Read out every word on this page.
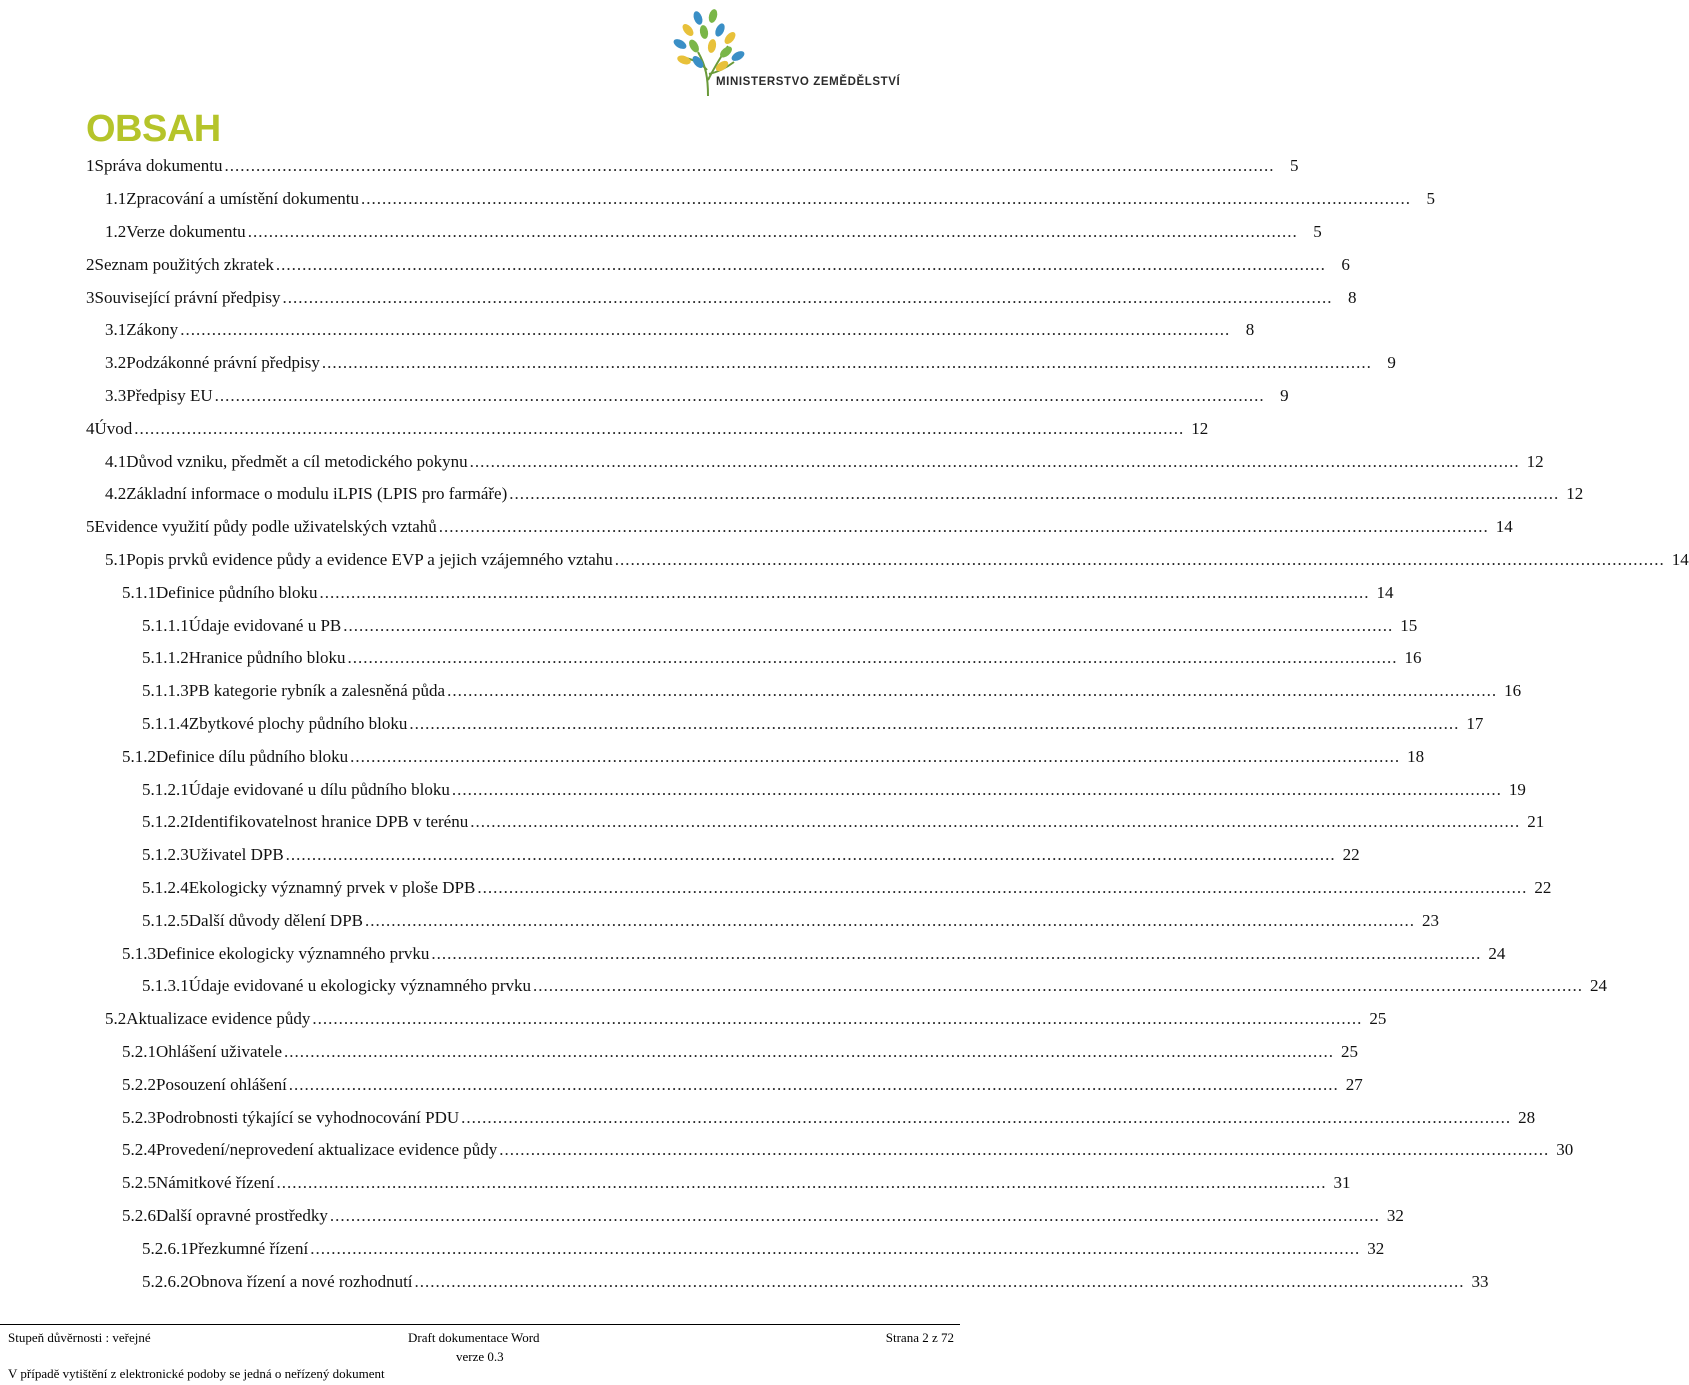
MINISTERSTVO ZEMĚDĚLSTVÍ
OBSAH
1 Správa dokumentu ........................................................................................................................................................................................................ 5
1.1 Zpracování a umístění dokumentu ........................................................................................................................................................................................................ 5
1.2 Verze dokumentu ........................................................................................................................................................................................................ 5
2 Seznam použitých zkratek ........................................................................................................................................................................................................ 6
3 Související právní předpisy ........................................................................................................................................................................................................ 8
3.1 Zákony ........................................................................................................................................................................................................ 8
3.2 Podzákonné právní předpisy ........................................................................................................................................................................................................ 9
3.3 Předpisy EU ........................................................................................................................................................................................................ 9
4 Úvod ........................................................................................................................................................................................................ 12
4.1 Důvod vzniku, předmět a cíl metodického pokynu ........................................................................................................................................................................................................ 12
4.2 Základní informace o modulu iLPIS (LPIS pro farmáře) ........................................................................................................................................................................................................ 12
5 Evidence využití půdy podle uživatelských vztahů ........................................................................................................................................................................................................ 14
5.1 Popis prvků evidence půdy a evidence EVP a jejich vzájemného vztahu ........................................................................................................................................................................................................ 14
5.1.1 Definice půdního bloku ........................................................................................................................................................................................................ 14
5.1.1.1 Údaje evidované u PB ........................................................................................................................................................................................................ 15
5.1.1.2 Hranice půdního bloku ........................................................................................................................................................................................................ 16
5.1.1.3 PB kategorie rybník a zalesněná půda ........................................................................................................................................................................................................ 16
5.1.1.4 Zbytkové plochy půdního bloku ........................................................................................................................................................................................................ 17
5.1.2 Definice dílu půdního bloku ........................................................................................................................................................................................................ 18
5.1.2.1 Údaje evidované u dílu půdního bloku ........................................................................................................................................................................................................ 19
5.1.2.2 Identifikovatelnost hranice DPB v terénu ........................................................................................................................................................................................................ 21
5.1.2.3 Uživatel DPB ........................................................................................................................................................................................................ 22
5.1.2.4 Ekologicky významný prvek v ploše DPB ........................................................................................................................................................................................................ 22
5.1.2.5 Další důvody dělení DPB ........................................................................................................................................................................................................ 23
5.1.3 Definice ekologicky významného prvku ........................................................................................................................................................................................................ 24
5.1.3.1 Údaje evidované u ekologicky významného prvku ........................................................................................................................................................................................................ 24
5.2 Aktualizace evidence půdy ........................................................................................................................................................................................................ 25
5.2.1 Ohlášení uživatele ........................................................................................................................................................................................................ 25
5.2.2 Posouzení ohlášení ........................................................................................................................................................................................................ 27
5.2.3 Podrobnosti týkající se vyhodnocování PDU ........................................................................................................................................................................................................ 28
5.2.4 Provedení/neprovedení aktualizace evidence půdy ........................................................................................................................................................................................................ 30
5.2.5 Námitkové řízení ........................................................................................................................................................................................................ 31
5.2.6 Další opravné prostředky ........................................................................................................................................................................................................ 32
5.2.6.1 Přezkumné řízení ........................................................................................................................................................................................................ 32
5.2.6.2 Obnova řízení a nové rozhodnutí ........................................................................................................................................................................................................ 33
Stupeň důvěrnosti : veřejné	Draft dokumentace Word
verze 0.3
Strana 2 z 72
V případě vytištění z elektronické podoby se jedná o neřízený dokument
